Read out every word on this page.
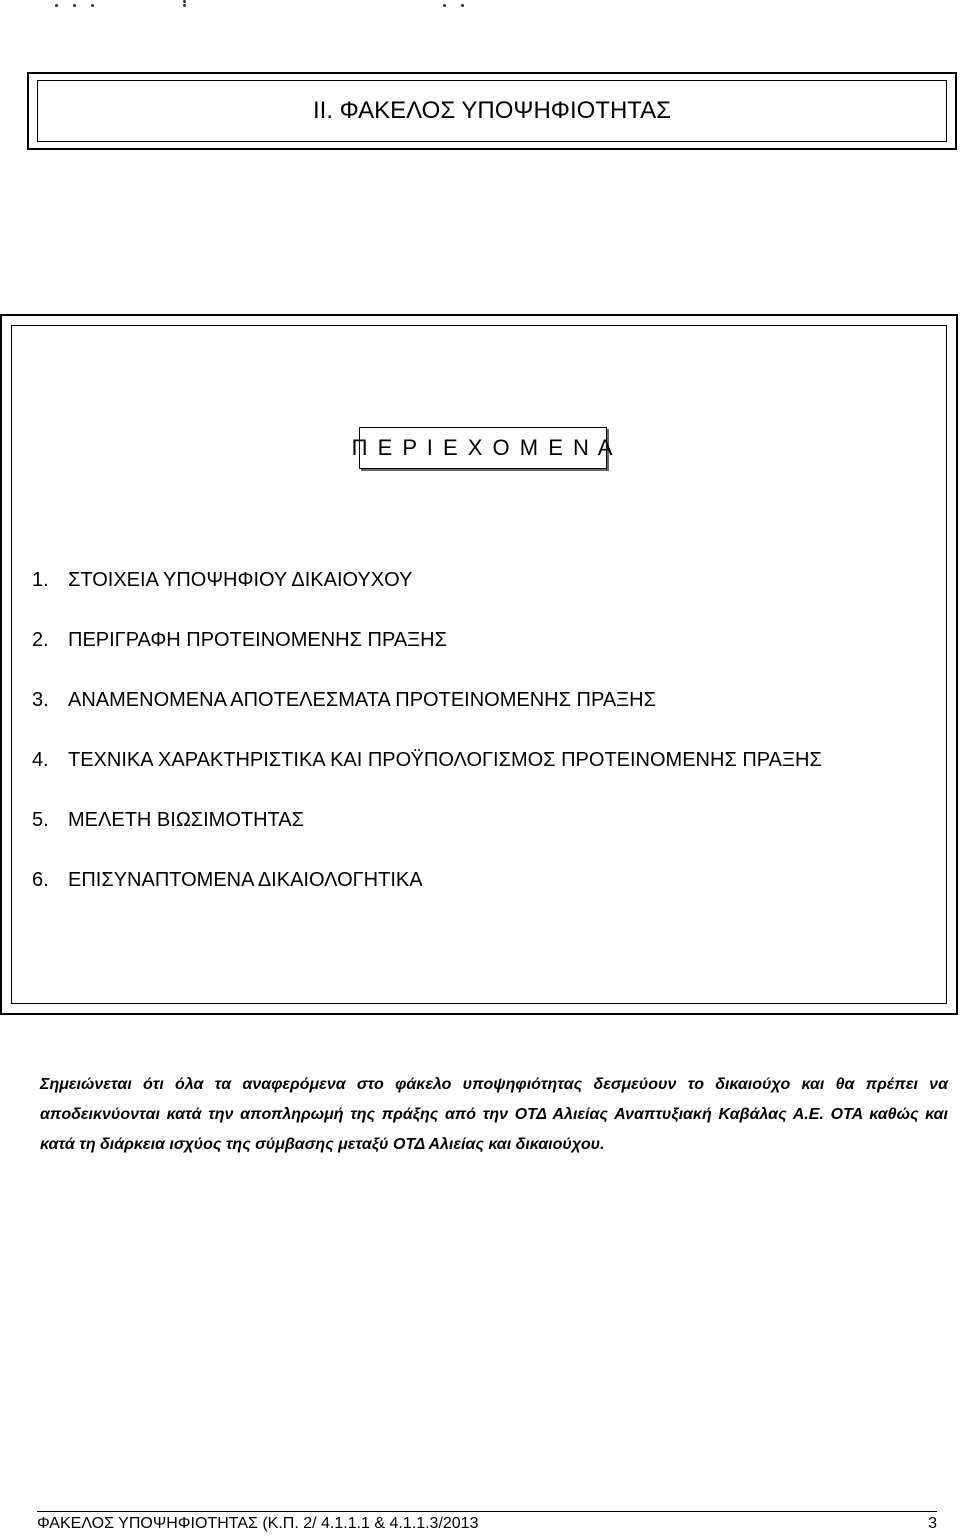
II. ΦΑΚΕΛΟΣ ΥΠΟΨΗΦΙΟΤΗΤΑΣ
Π Ε Ρ Ι Ε Χ Ο Μ Ε Ν Α
1. ΣΤΟΙΧΕΙΑ ΥΠΟΨΗΦΙΟΥ ΔΙΚΑΙΟΥΧΟΥ
2. ΠΕΡΙΓΡΑΦΗ ΠΡΟΤΕΙΝΟΜΕΝΗΣ ΠΡΑΞΗΣ
3. ΑΝΑΜΕΝΟΜΕΝΑ ΑΠΟΤΕΛΕΣΜΑΤΑ ΠΡΟΤΕΙΝΟΜΕΝΗΣ ΠΡΑΞΗΣ
4. ΤΕΧΝΙΚΑ ΧΑΡΑΚΤΗΡΙΣΤΙΚΑ ΚΑΙ ΠΡΟΫΠΟΛΟΓΙΣΜΟΣ ΠΡΟΤΕΙΝΟΜΕΝΗΣ ΠΡΑΞΗΣ
5. ΜΕΛΕΤΗ ΒΙΩΣΙΜΟΤΗΤΑΣ
6. ΕΠΙΣΥΝΑΠΤΟΜΕΝΑ ΔΙΚΑΙΟΛΟΓΗΤΙΚΑ

Σημειώνεται ότι όλα τα αναφερόμενα στο φάκελο υποψηφιότητας δεσμεύουν το δικαιούχο και θα πρέπει να αποδεικνύονται κατά την αποπληρωμή της πράξης από την ΟΤΔ Αλιείας Αναπτυξιακή Καβάλας Α.Ε. ΟΤΑ καθώς και κατά τη διάρκεια ισχύος της σύμβασης μεταξύ ΟΤΔ Αλιείας και δικαιούχου.

ΦΑΚΕΛΟΣ ΥΠΟΨΗΦΙΟΤΗΤΑΣ (Κ.Π. 2/ 4.1.1.1 & 4.1.1.3/2013	3
